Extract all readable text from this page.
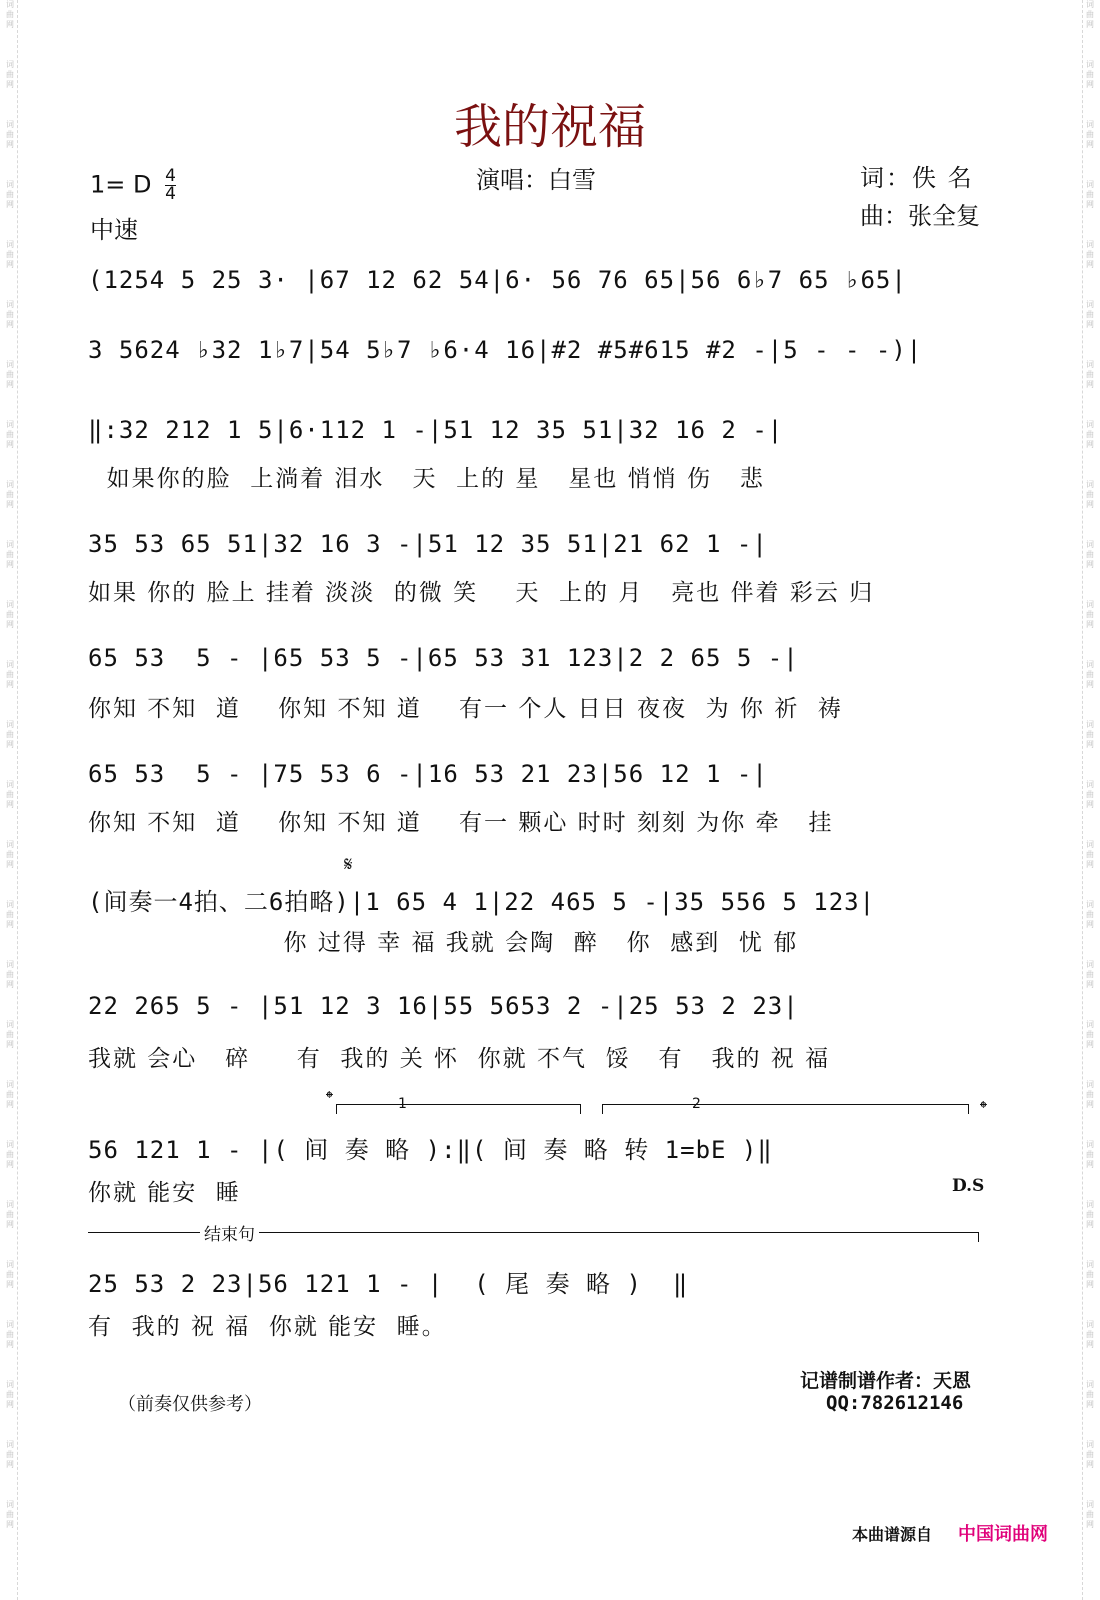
词曲网
词曲网
词曲网
词曲网
词曲网
词曲网
词曲网
词曲网
词曲网
词曲网
词曲网
词曲网
词曲网
词曲网
词曲网
词曲网
词曲网
词曲网
词曲网
词曲网
词曲网
词曲网
词曲网
词曲网
词曲网
词曲网
词曲网
词曲网
词曲网
词曲网
词曲网
词曲网
词曲网
词曲网
词曲网
词曲网
词曲网
词曲网
词曲网
词曲网
词曲网
词曲网
词曲网
词曲网
词曲网
词曲网
词曲网
词曲网
词曲网
词曲网
词曲网
词曲网
我的祝福
1= D $\frac{4}{4}$
中速
演唱：白雪	词：佚 名
曲：张全复
(1254 5 25 3· |67 12 62 54|6· 56 76 65|56 6♭7 65 ♭65|
3 5624 ♭32 1♭7|54 5♭7 ♭6·4 16|#2 #5#615 #2 -|5 - - -)|
‖:32 212 1 5|6·112 1 -|51 12 35 51|32 16 2 -|
如果你的脸  上淌着 泪水   天  上的 星   星也 悄悄 伤   悲
35 53 65 51|32 16 3 -|51 12 35 51|21 62 1 -|
如果 你的 脸上 挂着 淡淡  的微 笑    天  上的 月   亮也 伴着 彩云 归
65 53  5 - |65 53 5 -|65 53 31 123|2 2 65 5 -|
你知 不知  道    你知 不知 道    有一 个人 日日 夜夜  为 你 祈  祷
65 53  5 - |75 53 6 -|16 53 21 23|56 12 1 -|
你知 不知  道    你知 不知 道    有一 颗心 时时 刻刻 为你 牵   挂
𝄋
(间奏一4拍、二6拍略)|1 65 4 1|22 465 5 -|35 556 5 123|
你 过得 幸 福 我就 会陶  醉   你  感到  忧 郁
22 265 5 - |51 12 3 16|55 5653 2 -|25 53 2 23|
我就 会心   碎     有  我的 关 怀  你就 不气  馁   有   我的 祝 福
𝄌	1	2	𝄌
56 121 1 - |( 间 奏 略 ):‖( 间 奏 略 转 1=bE )‖
你就 能安  睡	D.S
结束句
25 53 2 23|56 121 1 - |  ( 尾 奏 略 )  ‖
有  我的 祝 福  你就 能安  睡。
（前奏仅供参考）
记谱制谱作者：天恩
QQ:782612146
本曲谱源自 中国词曲网
